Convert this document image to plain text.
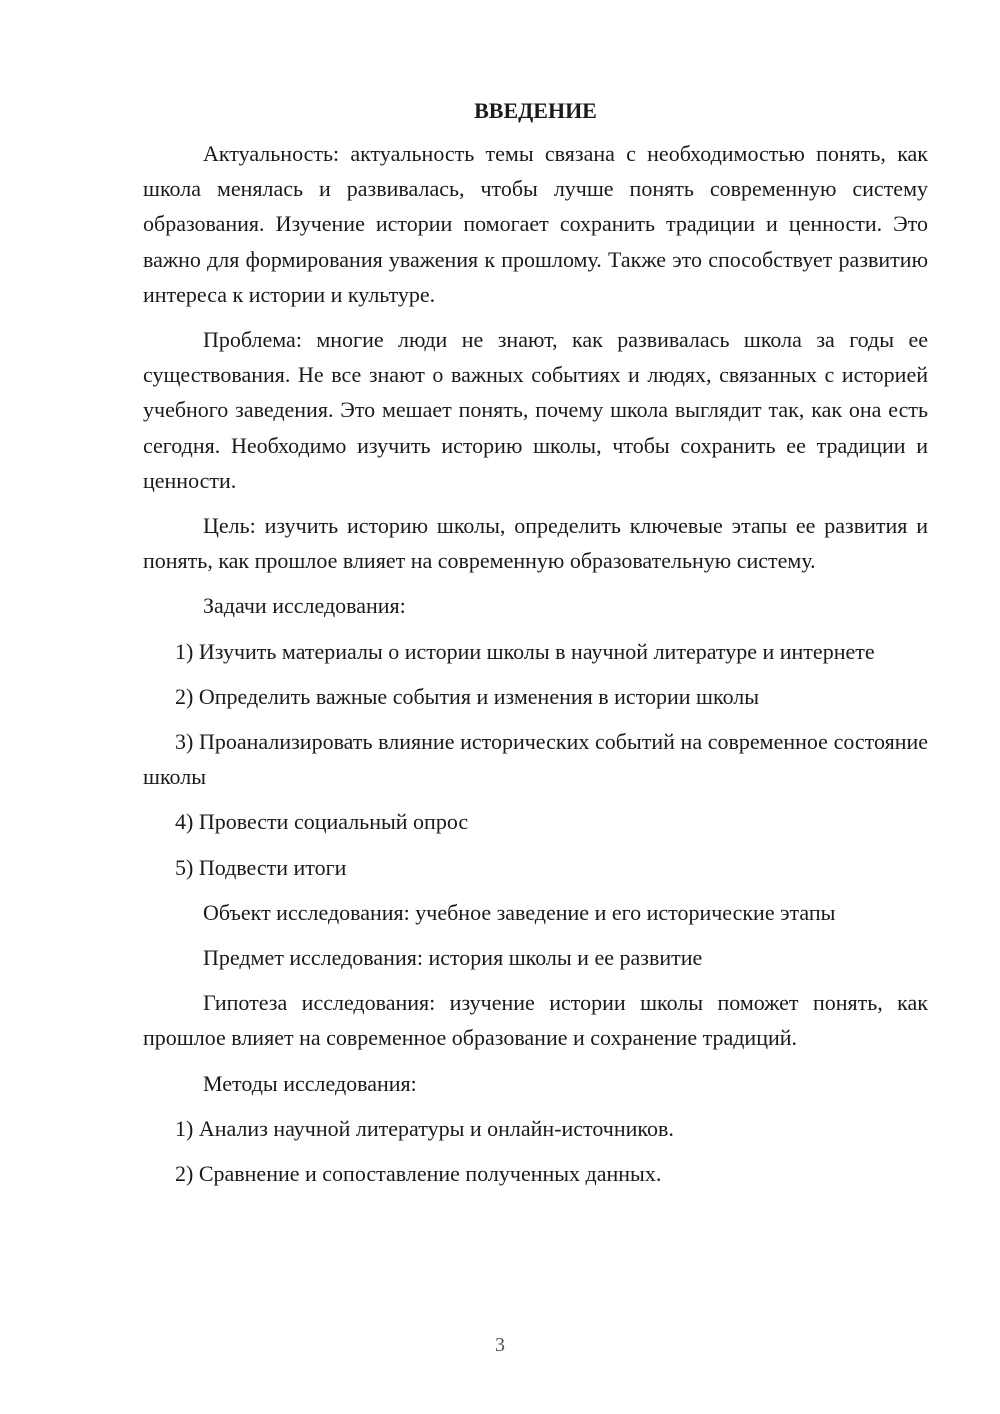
ВВЕДЕНИЕ
Актуальность: актуальность темы связана с необходимостью понять, как школа менялась и развивалась, чтобы лучше понять современную систему образования. Изучение истории помогает сохранить традиции и ценности. Это важно для формирования уважения к прошлому. Также это способствует развитию интереса к истории и культуре.
Проблема: многие люди не знают, как развивалась школа за годы ее существования. Не все знают о важных событиях и людях, связанных с историей учебного заведения. Это мешает понять, почему школа выглядит так, как она есть сегодня. Необходимо изучить историю школы, чтобы сохранить ее традиции и ценности.
Цель: изучить историю школы, определить ключевые этапы ее развития и понять, как прошлое влияет на современную образовательную систему.
Задачи исследования:
1) Изучить материалы о истории школы в научной литературе и интернете
2) Определить важные события и изменения в истории школы
3) Проанализировать влияние исторических событий на современное состояние школы
4) Провести социальный опрос
5) Подвести итоги
Объект исследования: учебное заведение и его исторические этапы
Предмет исследования: история школы и ее развитие
Гипотеза исследования: изучение истории школы поможет понять, как прошлое влияет на современное образование и сохранение традиций.
Методы исследования:
1) Анализ научной литературы и онлайн-источников.
2) Сравнение и сопоставление полученных данных.
3
